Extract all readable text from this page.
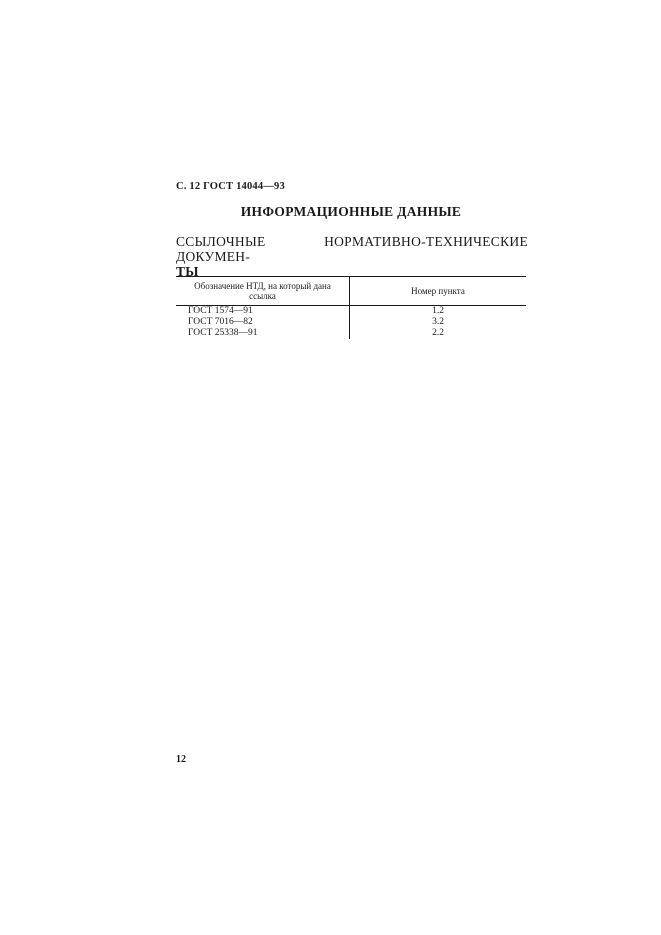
С. 12 ГОСТ 14044—93
ИНФОРМАЦИОННЫЕ ДАННЫЕ
ССЫЛОЧНЫЕ НОРМАТИВНО-ТЕХНИЧЕСКИЕ ДОКУМЕН-
ТЫ
Обозначение НТД, на который дана ссылка	Номер пункта
ГОСТ 1574—91	1.2
ГОСТ 7016—82	3.2
ГОСТ 25338—91	2.2
12
